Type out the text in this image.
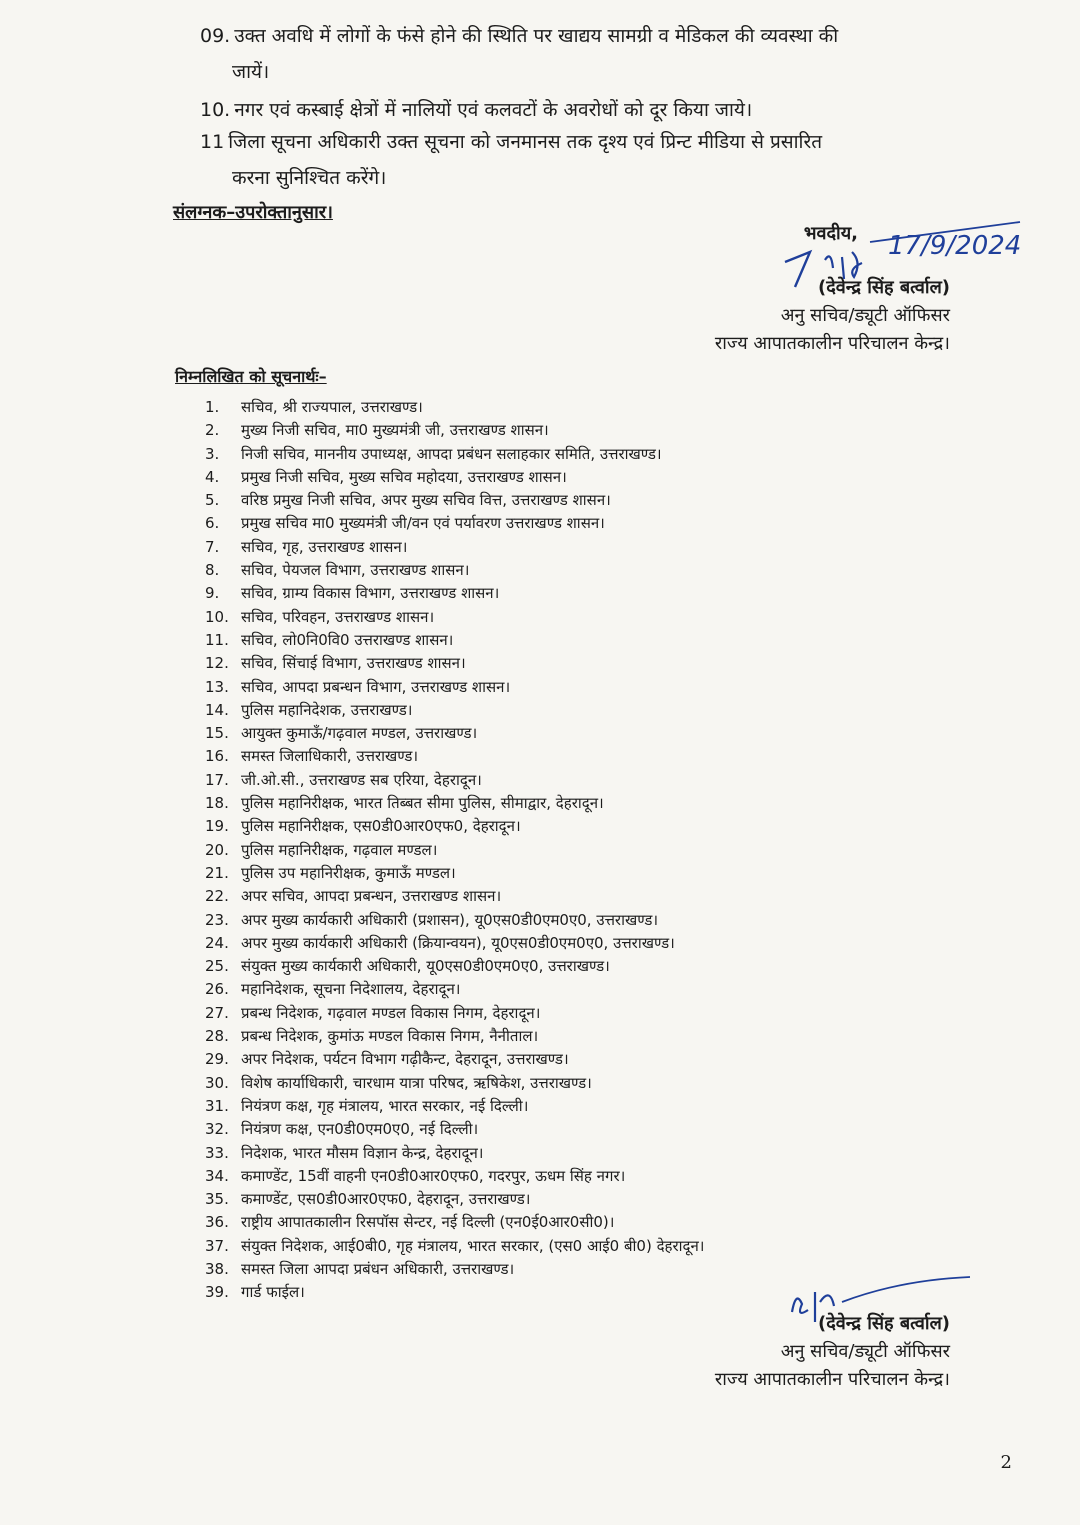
09. उक्त अवधि में लोगों के फंसे होने की स्थिति पर खाद्यय सामग्री व मेडिकल की व्यवस्था की
जायें।
10. नगर एवं कस्बाई क्षेत्रों में नालियों एवं कलवटों के अवरोधों को दूर किया जाये।
11 जिला सूचना अधिकारी उक्त सूचना को जनमानस तक दृश्य एवं प्रिन्ट मीडिया से प्रसारित
करना सुनिश्चित करेंगे।
संलग्नक–उपरोक्तानुसार।
भवदीय,
(देवेन्द्र सिंह बर्त्वाल)
अनु सचिव/ड्यूटी ऑफिसर
राज्य आपातकालीन परिचालन केन्द्र।
17/9/2024
निम्नलिखित को सूचनार्थः–
1. सचिव, श्री राज्यपाल, उत्तराखण्ड।
2. मुख्य निजी सचिव, मा0 मुख्यमंत्री जी, उत्तराखण्ड शासन।
3. निजी सचिव, माननीय उपाध्यक्ष, आपदा प्रबंधन सलाहकार समिति, उत्तराखण्ड।
4. प्रमुख निजी सचिव, मुख्य सचिव महोदया, उत्तराखण्ड शासन।
5. वरिष्ठ प्रमुख निजी सचिव, अपर मुख्य सचिव वित्त, उत्तराखण्ड शासन।
6. प्रमुख सचिव मा0 मुख्यमंत्री जी/वन एवं पर्यावरण उत्तराखण्ड शासन।
7. सचिव, गृह, उत्तराखण्ड शासन।
8. सचिव, पेयजल विभाग, उत्तराखण्ड शासन।
9. सचिव, ग्राम्य विकास विभाग, उत्तराखण्ड शासन।
10. सचिव, परिवहन, उत्तराखण्ड शासन।
11. सचिव, लो0नि0वि0 उत्तराखण्ड शासन।
12. सचिव, सिंचाई विभाग, उत्तराखण्ड शासन।
13. सचिव, आपदा प्रबन्धन विभाग, उत्तराखण्ड शासन।
14. पुलिस महानिदेशक, उत्तराखण्ड।
15. आयुक्त कुमाऊँ/गढ़वाल मण्डल, उत्तराखण्ड।
16. समस्त जिलाधिकारी, उत्तराखण्ड।
17. जी.ओ.सी., उत्तराखण्ड सब एरिया, देहरादून।
18. पुलिस महानिरीक्षक, भारत तिब्बत सीमा पुलिस, सीमाद्वार, देहरादून।
19. पुलिस महानिरीक्षक, एस0डी0आर0एफ0, देहरादून।
20. पुलिस महानिरीक्षक, गढ़वाल मण्डल।
21. पुलिस उप महानिरीक्षक, कुमाऊँ मण्डल।
22. अपर सचिव, आपदा प्रबन्धन, उत्तराखण्ड शासन।
23. अपर मुख्य कार्यकारी अधिकारी (प्रशासन), यू0एस0डी0एम0ए0, उत्तराखण्ड।
24. अपर मुख्य कार्यकारी अधिकारी (क्रियान्वयन), यू0एस0डी0एम0ए0, उत्तराखण्ड।
25. संयुक्त मुख्य कार्यकारी अधिकारी, यू0एस0डी0एम0ए0, उत्तराखण्ड।
26. महानिदेशक, सूचना निदेशालय, देहरादून।
27. प्रबन्ध निदेशक, गढ़वाल मण्डल विकास निगम, देहरादून।
28. प्रबन्ध निदेशक, कुमांऊ मण्डल विकास निगम, नैनीताल।
29. अपर निदेशक, पर्यटन विभाग गढ़ीकैन्ट, देहरादून, उत्तराखण्ड।
30. विशेष कार्याधिकारी, चारधाम यात्रा परिषद, ऋषिकेश, उत्तराखण्ड।
31. नियंत्रण कक्ष, गृह मंत्रालय, भारत सरकार, नई दिल्ली।
32. नियंत्रण कक्ष, एन0डी0एम0ए0, नई दिल्ली।
33. निदेशक, भारत मौसम विज्ञान केन्द्र, देहरादून।
34. कमाण्डेंट, 15वीं वाहनी एन0डी0आर0एफ0, गदरपुर, ऊधम सिंह नगर।
35. कमाण्डेंट, एस0डी0आर0एफ0, देहरादून, उत्तराखण्ड।
36. राष्ट्रीय आपातकालीन रिसपॉस सेन्टर, नई दिल्ली (एन0ई0आर0सी0)।
37. संयुक्त निदेशक, आई0बी0, गृह मंत्रालय, भारत सरकार, (एस0 आई0 बी0) देहरादून।
38. समस्त जिला आपदा प्रबंधन अधिकारी, उत्तराखण्ड।
39. गार्ड फाईल।
(देवेन्द्र सिंह बर्त्वाल)
अनु सचिव/ड्यूटी ऑफिसर
राज्य आपातकालीन परिचालन केन्द्र।
2
